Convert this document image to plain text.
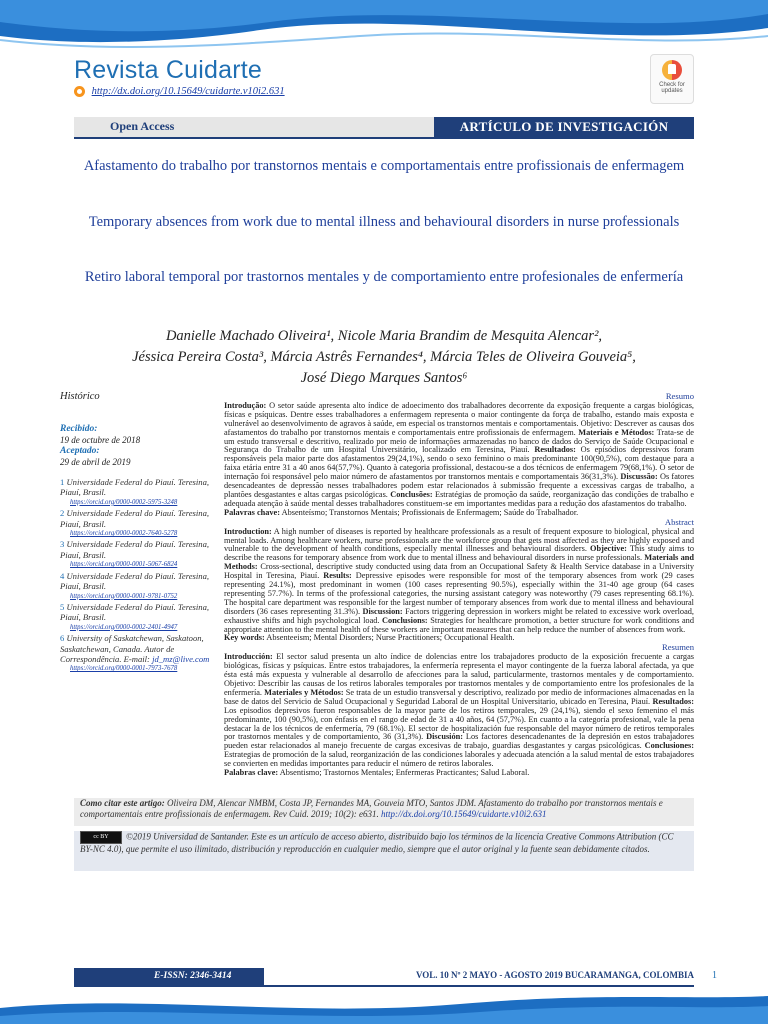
Revista Cuidarte
http://dx.doi.org/10.15649/cuidarte.v10i2.631
Check for updates
Open Access	ARTÍCULO DE INVESTIGACIÓN
Afastamento do trabalho por transtornos mentais e comportamentais entre profissionais de enfermagem
Temporary absences from work due to mental illness and behavioural disorders in nurse professionals
Retiro laboral temporal por trastornos mentales y de comportamiento entre profesionales de enfermería
Danielle Machado Oliveira¹, Nicole Maria Brandim de Mesquita Alencar²,
Jéssica Pereira Costa³, Márcia Astrês Fernandes⁴, Márcia Teles de Oliveira Gouveia⁵,
José Diego Marques Santos⁶
Histórico
Recibido:
19 de octubre de 2018
Aceptado:
29 de abril de 2019
1 Universidade Federal do Piauí. Teresina, Piauí, Brasil.
https://orcid.org/0000-0002-5975-3248
2 Universidade Federal do Piauí. Teresina, Piauí, Brasil.
https://orcid.org/0000-0002-7640-5278
3 Universidade Federal do Piauí. Teresina, Piauí, Brasil.
https://orcid.org/0000-0001-5067-6824
4 Universidade Federal do Piauí. Teresina, Piauí, Brasil.
https://orcid.org/0000-0001-9781-0752
5 Universidade Federal do Piauí. Teresina, Piauí, Brasil.
https://orcid.org/0000-0002-2401-4947
6 University of Saskatchewan, Saskatoon, Saskatchewan, Canada. Autor de Correspondência. E-mail: jd_mz@live.com
https://orcid.org/0000-0001-7973-7678
Resumo

Introdução: O setor saúde apresenta alto índice de adoecimento dos trabalhadores decorrente da exposição frequente a cargas biológicas, físicas e psíquicas. Dentre esses trabalhadores a enfermagem representa o maior contingente da força de trabalho, estando mais exposta e vulnerável ao desenvolvimento de agravos à saúde, em especial os transtornos mentais e comportamentais. Objetivo: Descrever as causas dos afastamentos do trabalho por transtornos mentais e comportamentais entre profissionais de enfermagem. Materiais e Métodos: Trata-se de um estudo transversal e descritivo, realizado por meio de informações armazenadas no banco de dados do Serviço de Saúde Ocupacional e Segurança do Trabalho de um Hospital Universitário, localizado em Teresina, Piauí. Resultados: Os episódios depressivos foram responsáveis pela maior parte dos afastamentos 29(24,1%), sendo o sexo feminino o mais predominante 100(90,5%), com destaque para a faixa etária entre 31 a 40 anos 64(57,7%). Quanto à categoria profissional, destacou-se a dos técnicos de enfermagem 79(68,1%). O setor de internação foi responsável pelo maior número de afastamentos por transtornos mentais e comportamentais 36(31,3%). Discussão: Os fatores desencadeantes de depressão nesses trabalhadores podem estar relacionados à submissão frequente a excessivas cargas de trabalho, a plantões desgastantes e altas cargas psicológicas. Conclusões: Estratégias de promoção da saúde, reorganização das condições de trabalho e adequada atenção à saúde mental desses trabalhadores constituem-se em importantes medidas para a redução dos afastamentos do trabalho.

Palavras chave: Absenteísmo; Transtornos Mentais; Profissionais de Enfermagem; Saúde do Trabalhador.

Abstract

Introduction: A high number of diseases is reported by healthcare professionals as a result of frequent exposure to biological, physical and mental loads. Among healthcare workers, nurse professionals are the workforce group that gets most affected as they are highly exposed and vulnerable to the development of health conditions, especially mental illnesses and behavioural disorders. Objective: This study aims to describe the reasons for temporary absence from work due to mental illness and behavioural disorders in nurse professionals. Materials and Methods: Cross-sectional, descriptive study conducted using data from an Occupational Safety & Health Service database in a University Hospital in Teresina, Piauí. Results: Depressive episodes were responsible for most of the temporary absences from work (29 cases representing 24.1%), most predominant in women (100 cases representing 90.5%), especially within the 31-40 age group (64 cases representing 57.7%). In terms of the professional categories, the nursing assistant category was noteworthy (79 cases representing 68.1%). The hospital care department was responsible for the largest number of temporary absences from work due to mental illness and behavioural disorders (36 cases representing 31.3%). Discussion: Factors triggering depression in workers might be related to excessive work overload, exhaustive shifts and high psychological load. Conclusions: Strategies for healthcare promotion, a better structure for work conditions and appropriate attention to the mental health of these workers are important measures that can help reduce the number of absences from work.

Key words: Absenteeism; Mental Disorders; Nurse Practitioners; Occupational Health.

Resumen

Introducción: El sector salud presenta un alto índice de dolencias entre los trabajadores producto de la exposición frecuente a cargas biológicas, físicas y psíquicas. Entre estos trabajadores, la enfermería representa el mayor contingente de la fuerza laboral afectada, ya que ésta está más expuesta y vulnerable al desarrollo de afecciones para la salud, particularmente, trastornos mentales y de comportamiento. Objetivo: Describir las causas de los retiros laborales temporales por trastornos mentales y de comportamiento entre los profesionales de la enfermería. Materiales y Métodos: Se trata de un estudio transversal y descriptivo, realizado por medio de informaciones almacenadas en la base de datos del Servicio de Salud Ocupacional y Seguridad Laboral de un Hospital Universitario, ubicado en Teresina, Piauí. Resultados: Los episodios depresivos fueron responsables de la mayor parte de los retiros temporales, 29 (24,1%), siendo el sexo femenino el más predominante, 100 (90,5%), con énfasis en el rango de edad de 31 a 40 años, 64 (57,7%). En cuanto a la categoría profesional, vale la pena destacar la de los técnicos de enfermería, 79 (68.1%). El sector de hospitalización fue responsable del mayor número de retiros temporales por trastornos mentales y de comportamiento, 36 (31,3%). Discusión: Los factores desencadenantes de la depresión en estos trabajadores pueden estar relacionados al manejo frecuente de cargas excesivas de trabajo, guardias desgastantes y cargas psicológicas. Conclusiones: Estrategias de promoción de la salud, reorganización de las condiciones laborales y adecuada atención a la salud mental de estos trabajadores se convierten en medidas importantes para reducir el número de retiros laborales.

Palabras clave: Absentismo; Trastornos Mentales; Enfermeras Practicantes; Salud Laboral.

Como citar este artigo: Oliveira DM, Alencar NMBM, Costa JP, Fernandes MA, Gouveia MTO, Santos JDM. Afastamento do trabalho por transtornos mentais e comportamentais entre profissionais de enfermagem. Rev Cuid. 2019; 10(2): e631. http://dx.doi.org/10.15649/cuidarte.v10i2.631
cc BY ©2019 Universidad de Santander. Este es un artículo de acceso abierto, distribuido bajo los términos de la licencia Creative Commons Attribution (CC BY-NC 4.0), que permite el uso ilimitado, distribución y reproducción en cualquier medio, siempre que el autor original y la fuente sean debidamente citados.
E-ISSN: 2346-3414	VOL. 10 Nº 2 MAYO - AGOSTO 2019 BUCARAMANGA, COLOMBIA 1
